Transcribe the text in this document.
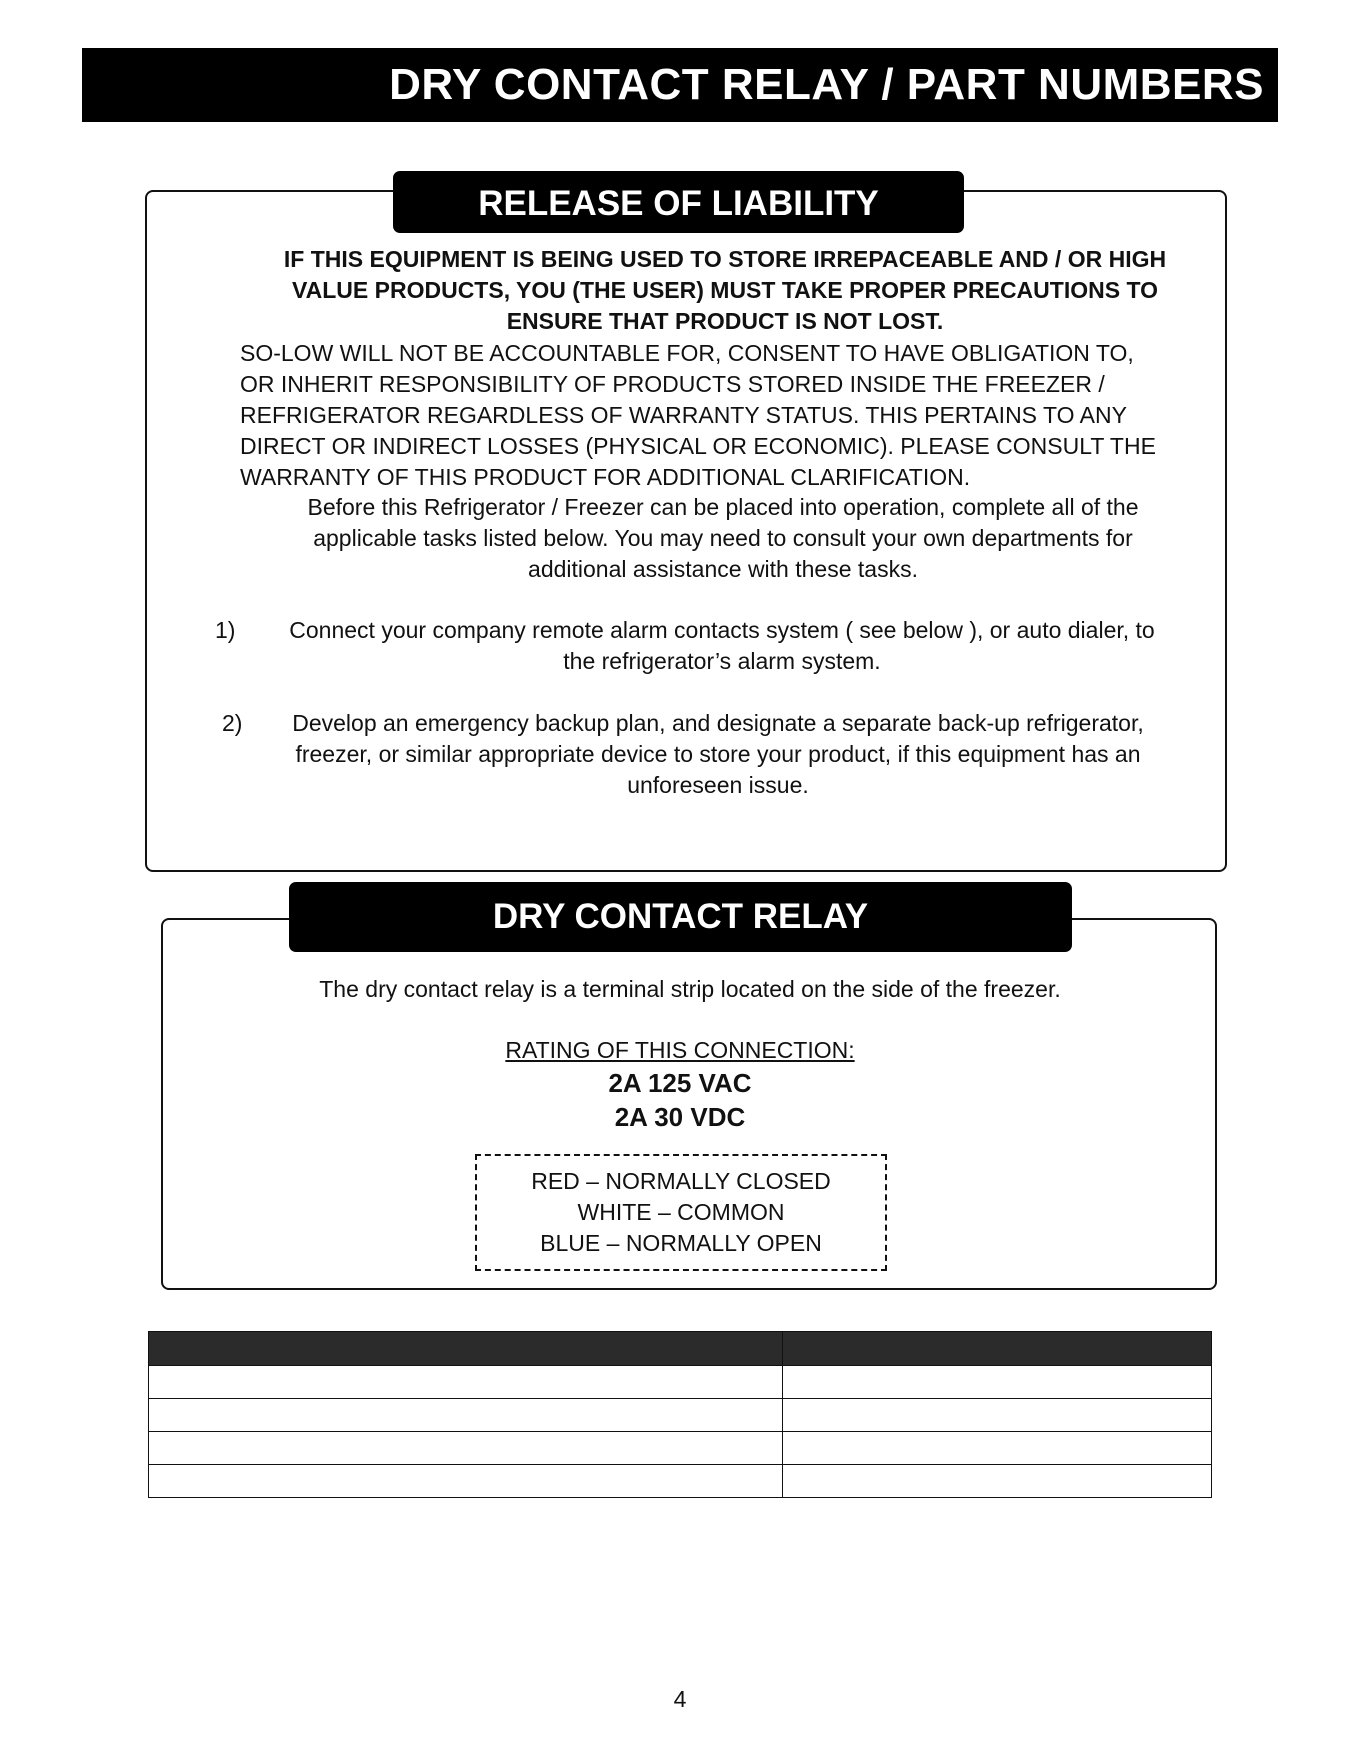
DRY CONTACT RELAY / PART NUMBERS
RELEASE OF LIABILITY
IF THIS EQUIPMENT IS BEING USED TO STORE IRREPACEABLE AND / OR HIGH
VALUE PRODUCTS, YOU (THE USER) MUST TAKE PROPER PRECAUTIONS TO
ENSURE THAT PRODUCT IS NOT LOST.
SO-LOW WILL NOT BE ACCOUNTABLE FOR, CONSENT TO HAVE OBLIGATION TO,
OR INHERIT RESPONSIBILITY OF PRODUCTS STORED INSIDE THE FREEZER /
REFRIGERATOR REGARDLESS OF WARRANTY STATUS. THIS PERTAINS TO ANY
DIRECT OR INDIRECT LOSSES (PHYSICAL OR ECONOMIC). PLEASE CONSULT THE
WARRANTY OF THIS PRODUCT FOR ADDITIONAL CLARIFICATION.
Before this Refrigerator / Freezer can be placed into operation, complete all of the
applicable tasks listed below. You may need to consult your own departments for
additional assistance with these tasks.
1)	Connect your company remote alarm contacts system ( see below ), or auto dialer, to
the refrigerator’s alarm system.
2)	Develop an emergency backup plan, and designate a separate back-up refrigerator,
freezer, or similar appropriate device to store your product, if this equipment has an
unforeseen issue.
DRY CONTACT RELAY
The dry contact relay is a terminal strip located on the side of the freezer.
RATING OF THIS CONNECTION:
2A 125 VAC
2A 30 VDC
RED – NORMALLY CLOSED
WHITE – COMMON
BLUE – NORMALLY OPEN

4
